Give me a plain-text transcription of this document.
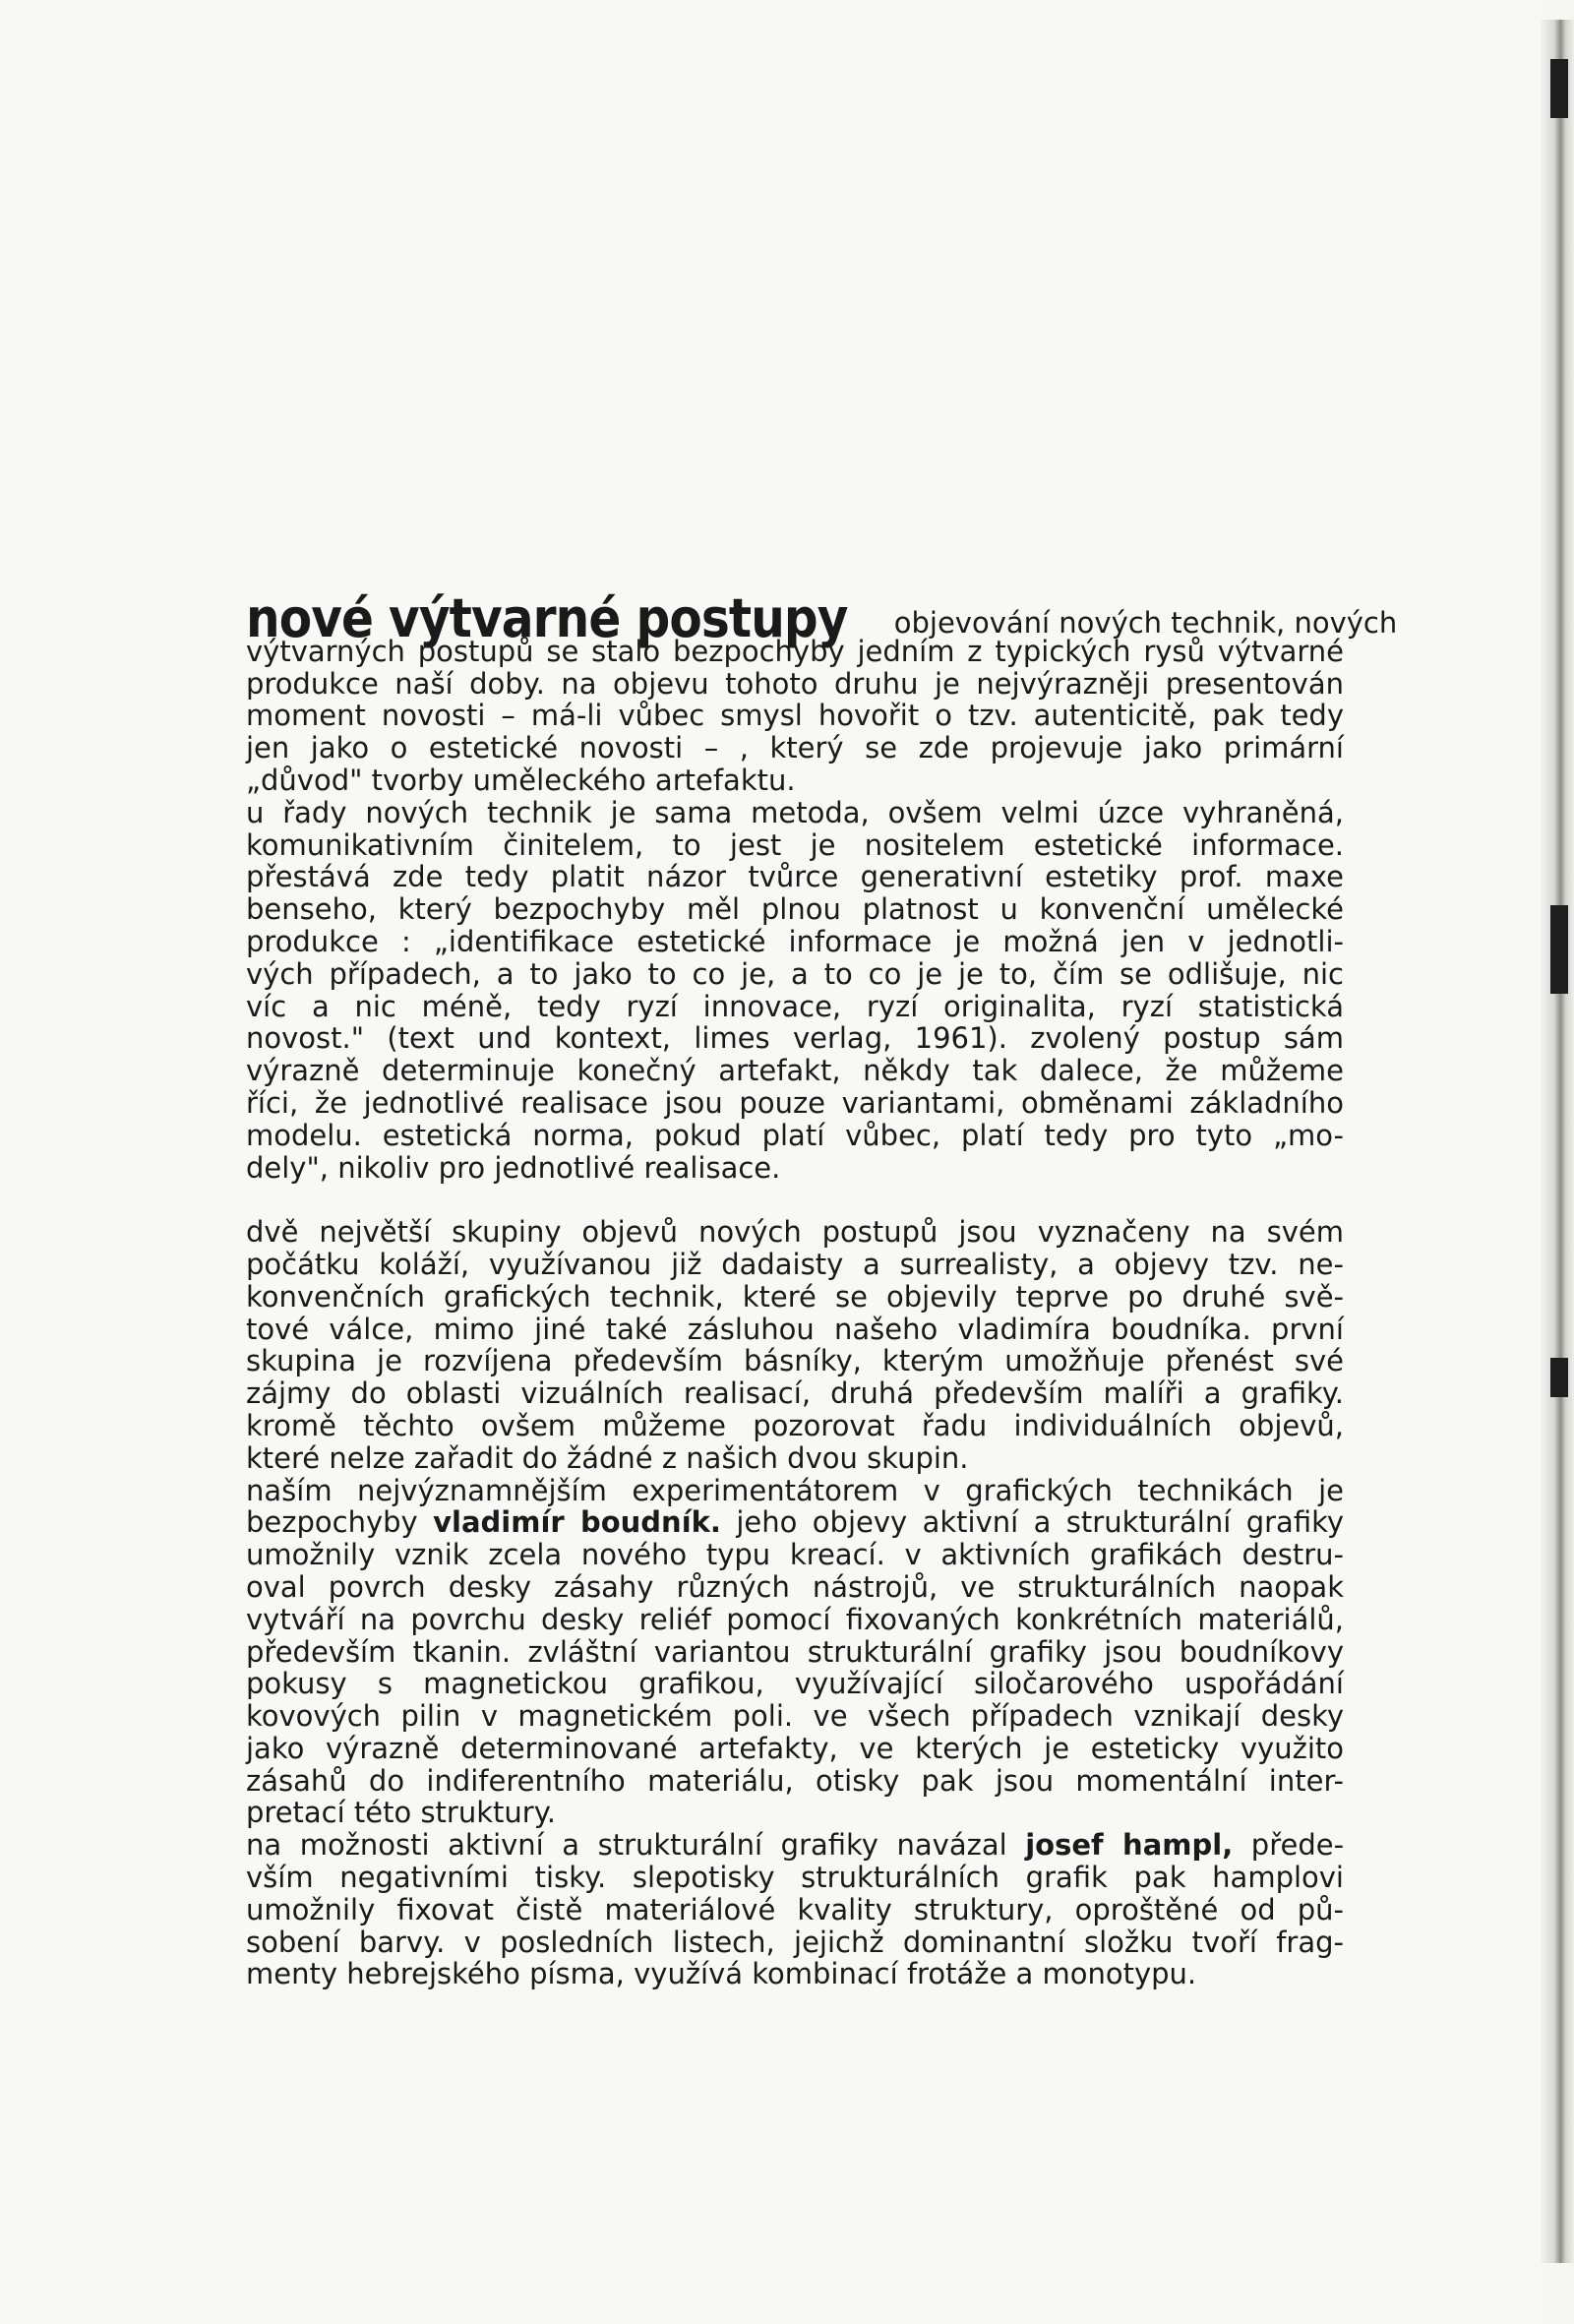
nové výtvarné postupy objevování nových technik, nových
výtvarných postupů se stalo bezpochyby jedním z typických rysů výtvarné
produkce naší doby. na objevu tohoto druhu je nejvýrazněji presentován
moment novosti – má-li vůbec smysl hovořit o tzv. autenticitě, pak tedy
jen jako o estetické novosti – , který se zde projevuje jako primární
„důvod" tvorby uměleckého artefaktu.
u řady nových technik je sama metoda, ovšem velmi úzce vyhraněná,
komunikativním činitelem, to jest je nositelem estetické informace.
přestává zde tedy platit názor tvůrce generativní estetiky prof. maxe
benseho, který bezpochyby měl plnou platnost u konvenční umělecké
produkce : „identifikace estetické informace je možná jen v jednotli-
vých případech, a to jako to co je, a to co je je to, čím se odlišuje, nic
víc a nic méně, tedy ryzí innovace, ryzí originalita, ryzí statistická
novost." (text und kontext, limes verlag, 1961). zvolený postup sám
výrazně determinuje konečný artefakt, někdy tak dalece, že můžeme
říci, že jednotlivé realisace jsou pouze variantami, obměnami základního
modelu. estetická norma, pokud platí vůbec, platí tedy pro tyto „mo-
dely", nikoliv pro jednotlivé realisace.
dvě největší skupiny objevů nových postupů jsou vyznačeny na svém
počátku koláží, využívanou již dadaisty a surrealisty, a objevy tzv. ne-
konvenčních grafických technik, které se objevily teprve po druhé svě-
tové válce, mimo jiné také zásluhou našeho vladimíra boudníka. první
skupina je rozvíjena především básníky, kterým umožňuje přenést své
zájmy do oblasti vizuálních realisací, druhá především malíři a grafiky.
kromě těchto ovšem můžeme pozorovat řadu individuálních objevů,
které nelze zařadit do žádné z našich dvou skupin.
naším nejvýznamnějším experimentátorem v grafických technikách je
bezpochyby vladimír boudník. jeho objevy aktivní a strukturální grafiky
umožnily vznik zcela nového typu kreací. v aktivních grafikách destru-
oval povrch desky zásahy různých nástrojů, ve strukturálních naopak
vytváří na povrchu desky reliéf pomocí fixovaných konkrétních materiálů,
především tkanin. zvláštní variantou strukturální grafiky jsou boudníkovy
pokusy s magnetickou grafikou, využívající siločarového uspořádání
kovových pilin v magnetickém poli. ve všech případech vznikají desky
jako výrazně determinované artefakty, ve kterých je esteticky využito
zásahů do indiferentního materiálu, otisky pak jsou momentální inter-
pretací této struktury.
na možnosti aktivní a strukturální grafiky navázal josef hampl, přede-
vším negativními tisky. slepotisky strukturálních grafik pak hamplovi
umožnily fixovat čistě materiálové kvality struktury, oproštěné od pů-
sobení barvy. v posledních listech, jejichž dominantní složku tvoří frag-
menty hebrejského písma, využívá kombinací frotáže a monotypu.
